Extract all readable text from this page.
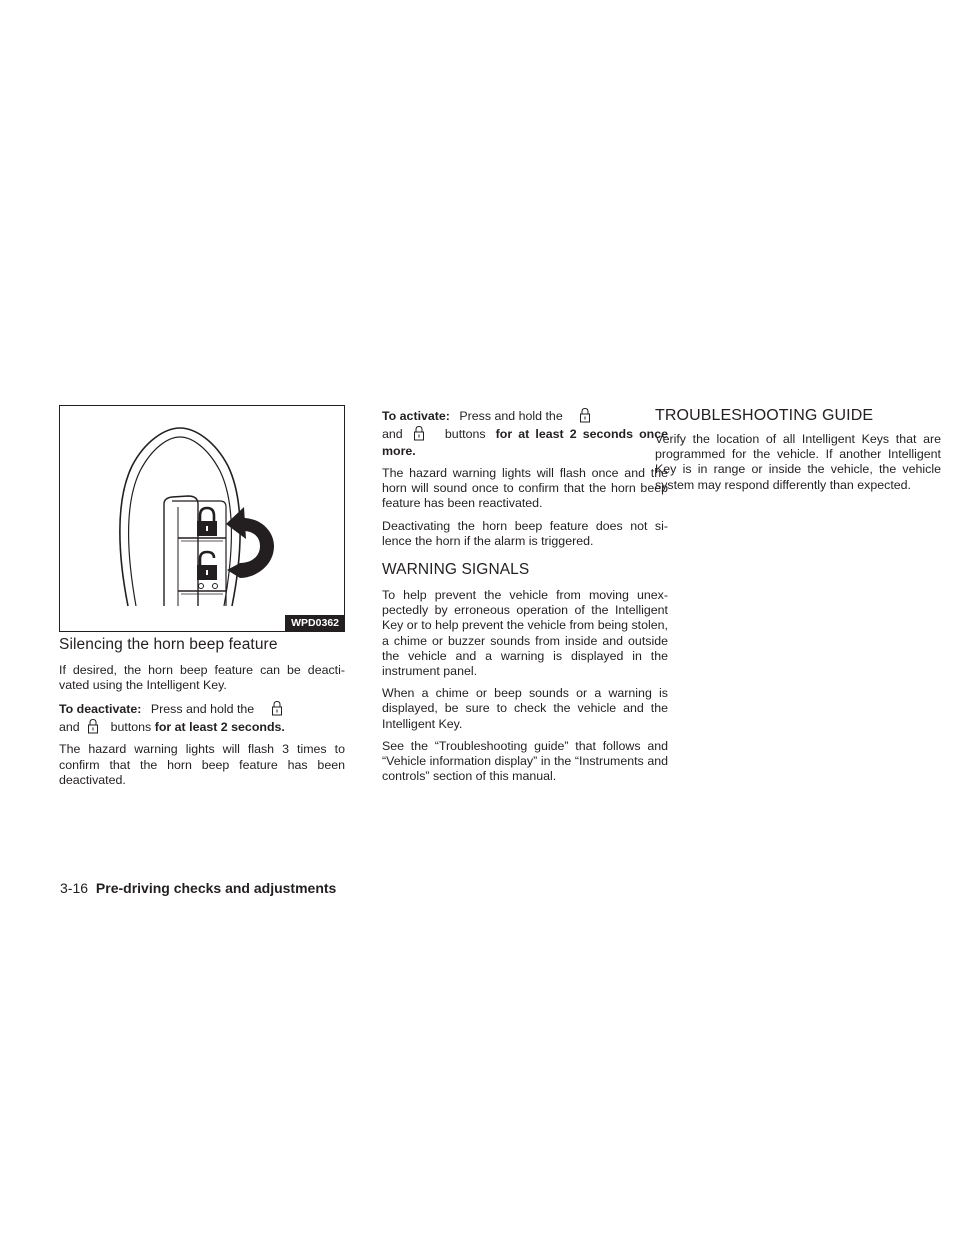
WPD0362
Silencing the horn beep feature

If desired, the horn beep feature can be deacti- vated using the Intelligent Key.

To deactivate: Press and hold the
and buttons for at least 2 seconds.

The hazard warning lights will flash 3 times to confirm that the horn beep feature has been deactivated.

To activate: Press and hold the
and	buttons for at least 2 seconds once more.

The hazard warning lights will flash once and the horn will sound once to confirm that the horn beep feature has been reactivated.

Deactivating the horn beep feature does not si- lence the horn if the alarm is triggered.

WARNING SIGNALS

To help prevent the vehicle from moving unex- pectedly by erroneous operation of the Intelligent Key or to help prevent the vehicle from being stolen, a chime or buzzer sounds from inside and outside the vehicle and a warning is displayed in the instrument panel.

When a chime or beep sounds or a warning is displayed, be sure to check the vehicle and the Intelligent Key.

See the “Troubleshooting guide” that follows and “Vehicle information display” in the “Instruments and controls” section of this manual.

TROUBLESHOOTING GUIDE

Verify the location of all Intelligent Keys that are programmed for the vehicle. If another Intelligent Key is in range or inside the vehicle, the vehicle system may respond differently than expected.

3-16 Pre-driving checks and adjustments
